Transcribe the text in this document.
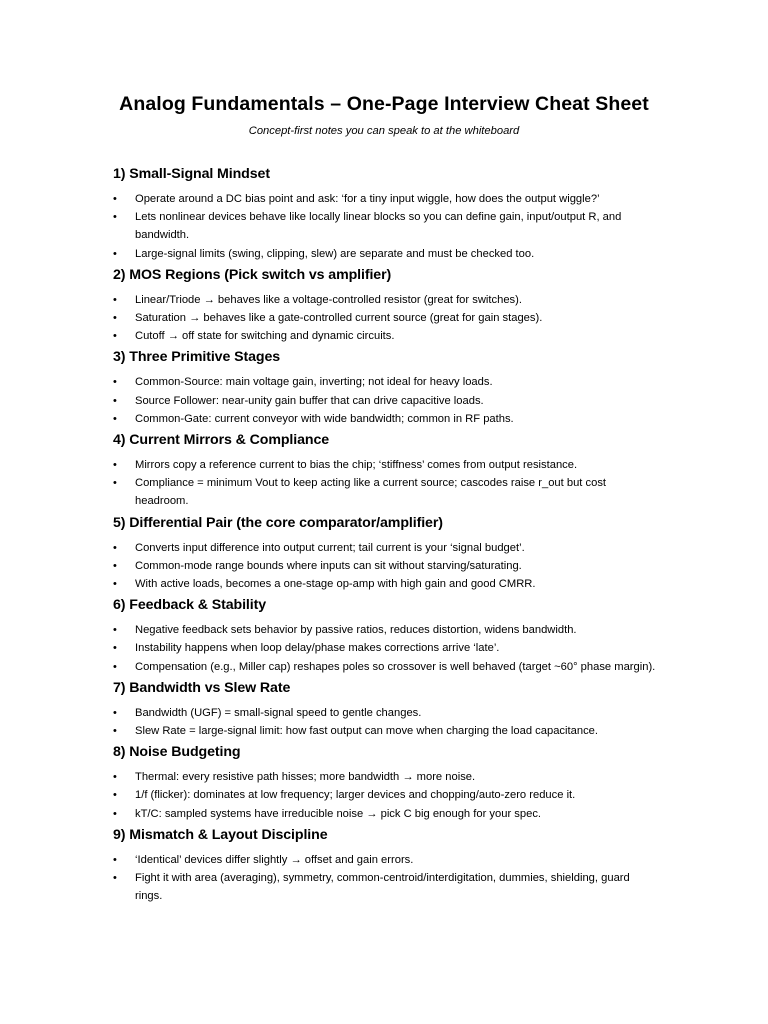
Analog Fundamentals – One-Page Interview Cheat Sheet
Concept-first notes you can speak to at the whiteboard
1) Small-Signal Mindset
• Operate around a DC bias point and ask: ‘for a tiny input wiggle, how does the output wiggle?’
• Lets nonlinear devices behave like locally linear blocks so you can define gain, input/output R, and bandwidth.
• Large-signal limits (swing, clipping, slew) are separate and must be checked too.
2) MOS Regions (Pick switch vs amplifier)
• Linear/Triode → behaves like a voltage-controlled resistor (great for switches).
• Saturation → behaves like a gate-controlled current source (great for gain stages).
• Cutoff → off state for switching and dynamic circuits.
3) Three Primitive Stages
• Common-Source: main voltage gain, inverting; not ideal for heavy loads.
• Source Follower: near-unity gain buffer that can drive capacitive loads.
• Common-Gate: current conveyor with wide bandwidth; common in RF paths.
4) Current Mirrors & Compliance
• Mirrors copy a reference current to bias the chip; ‘stiffness’ comes from output resistance.
• Compliance = minimum Vout to keep acting like a current source; cascodes raise r_out but cost headroom.
5) Differential Pair (the core comparator/amplifier)
• Converts input difference into output current; tail current is your ‘signal budget’.
• Common-mode range bounds where inputs can sit without starving/saturating.
• With active loads, becomes a one-stage op-amp with high gain and good CMRR.
6) Feedback & Stability
• Negative feedback sets behavior by passive ratios, reduces distortion, widens bandwidth.
• Instability happens when loop delay/phase makes corrections arrive ‘late’.
• Compensation (e.g., Miller cap) reshapes poles so crossover is well behaved (target ~60° phase margin).
7) Bandwidth vs Slew Rate
• Bandwidth (UGF) = small-signal speed to gentle changes.
• Slew Rate = large-signal limit: how fast output can move when charging the load capacitance.
8) Noise Budgeting
• Thermal: every resistive path hisses; more bandwidth → more noise.
• 1/f (flicker): dominates at low frequency; larger devices and chopping/auto-zero reduce it.
• kT/C: sampled systems have irreducible noise → pick C big enough for your spec.
9) Mismatch & Layout Discipline
• ‘Identical’ devices differ slightly → offset and gain errors.
• Fight it with area (averaging), symmetry, common-centroid/interdigitation, dummies, shielding, guard rings.
